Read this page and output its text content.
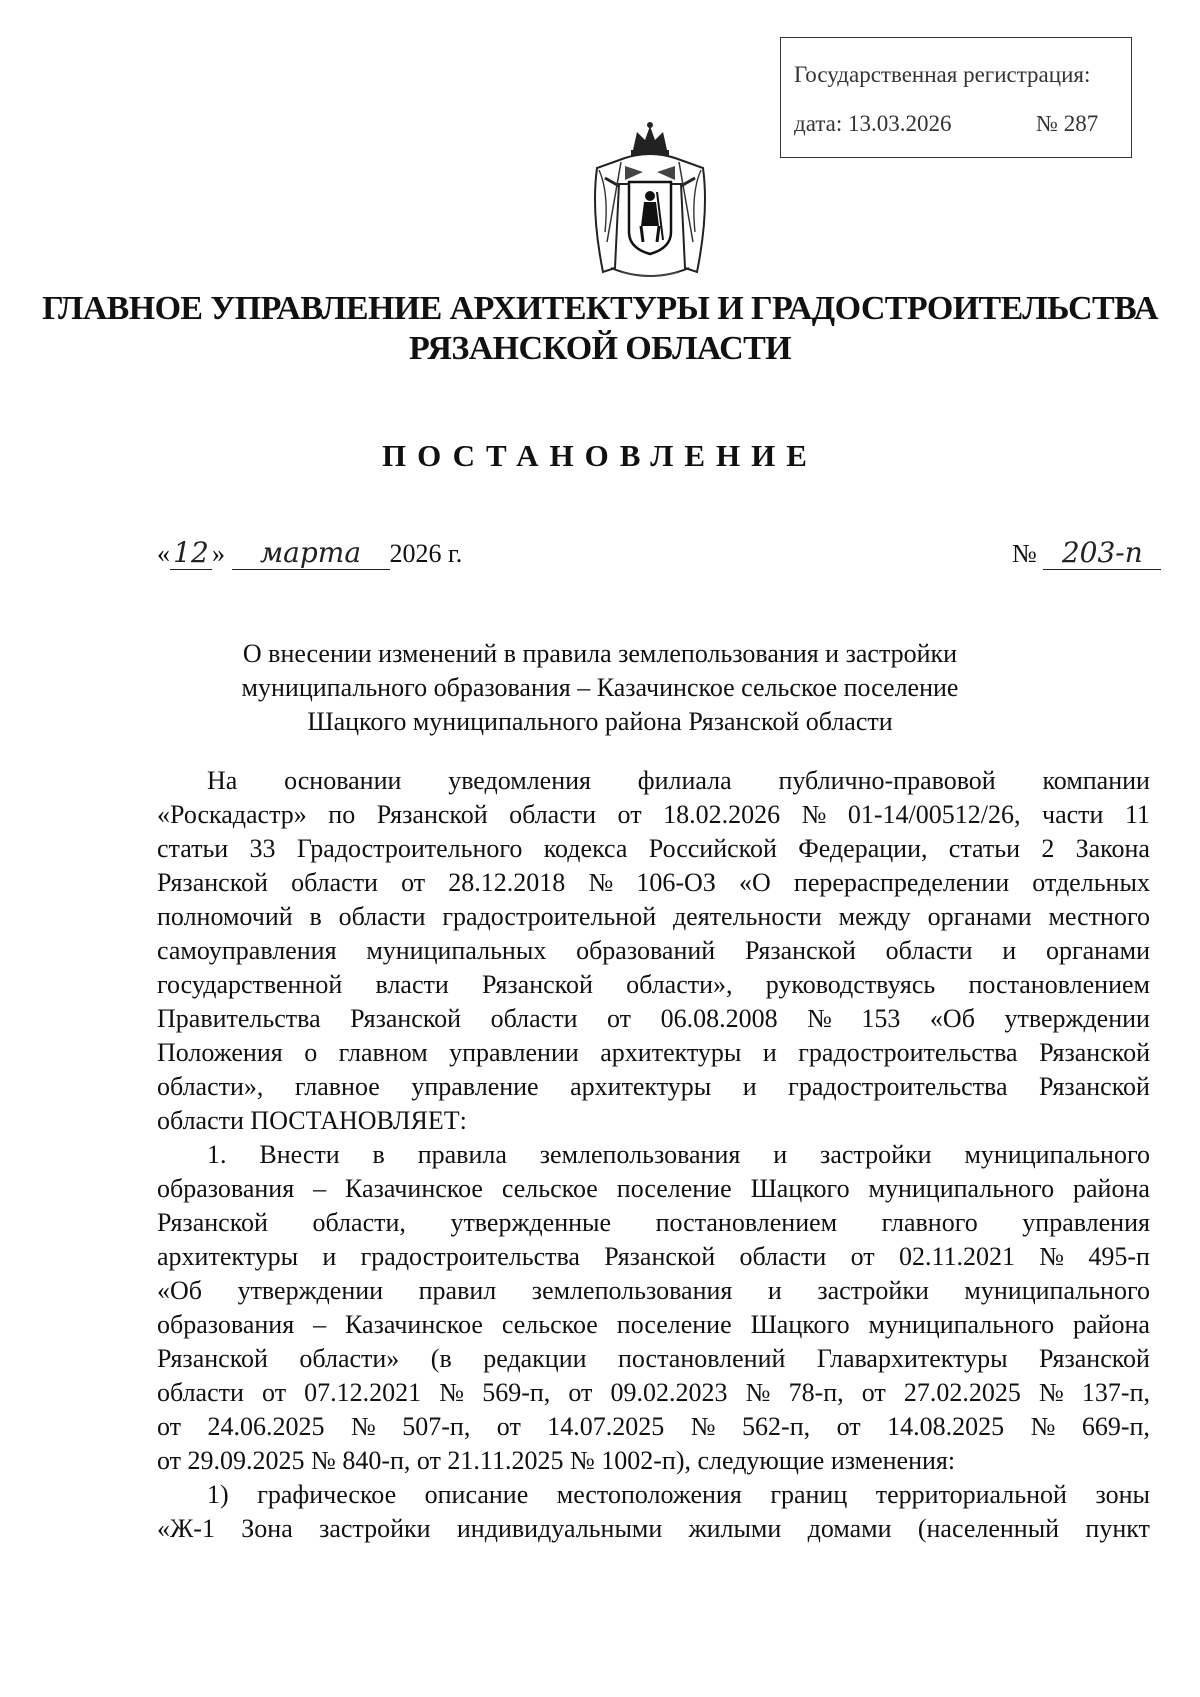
Государственная регистрация:
дата: 13.03.2026	№ 287
ГЛАВНОЕ УПРАВЛЕНИЕ АРХИТЕКТУРЫ И ГРАДОСТРОИТЕЛЬСТВА
РЯЗАНСКОЙ ОБЛАСТИ
ПОСТАНОВЛЕНИЕ
« 12 » марта 2026 г.	№ 203-п
О внесении изменений в правила землепользования и застройки
муниципального образования – Казачинское сельское поселение
Шацкого муниципального района Рязанской области
На основании уведомления филиала публично-правовой компании
«Роскадастр» по Рязанской области от 18.02.2026 № 01-14/00512/26, части 11
статьи 33 Градостроительного кодекса Российской Федерации, статьи 2 Закона
Рязанской области от 28.12.2018 № 106-ОЗ «О перераспределении отдельных
полномочий в области градостроительной деятельности между органами местного
самоуправления муниципальных образований Рязанской области и органами
государственной власти Рязанской области», руководствуясь постановлением
Правительства Рязанской области от 06.08.2008 № 153 «Об утверждении
Положения о главном управлении архитектуры и градостроительства Рязанской
области», главное управление архитектуры и градостроительства Рязанской
области ПОСТАНОВЛЯЕТ:
1. Внести в правила землепользования и застройки муниципального
образования – Казачинское сельское поселение Шацкого муниципального района
Рязанской области, утвержденные постановлением главного управления
архитектуры и градостроительства Рязанской области от 02.11.2021 № 495-п
«Об утверждении правил землепользования и застройки муниципального
образования – Казачинское сельское поселение Шацкого муниципального района
Рязанской области» (в редакции постановлений Главархитектуры Рязанской
области от 07.12.2021 № 569-п, от 09.02.2023 № 78-п, от 27.02.2025 № 137-п,
от 24.06.2025 № 507-п, от 14.07.2025 № 562-п, от 14.08.2025 № 669-п,
от 29.09.2025 № 840-п, от 21.11.2025 № 1002-п), следующие изменения:
1) графическое описание местоположения границ территориальной зоны
«Ж-1 Зона застройки индивидуальными жилыми домами (населенный пункт
